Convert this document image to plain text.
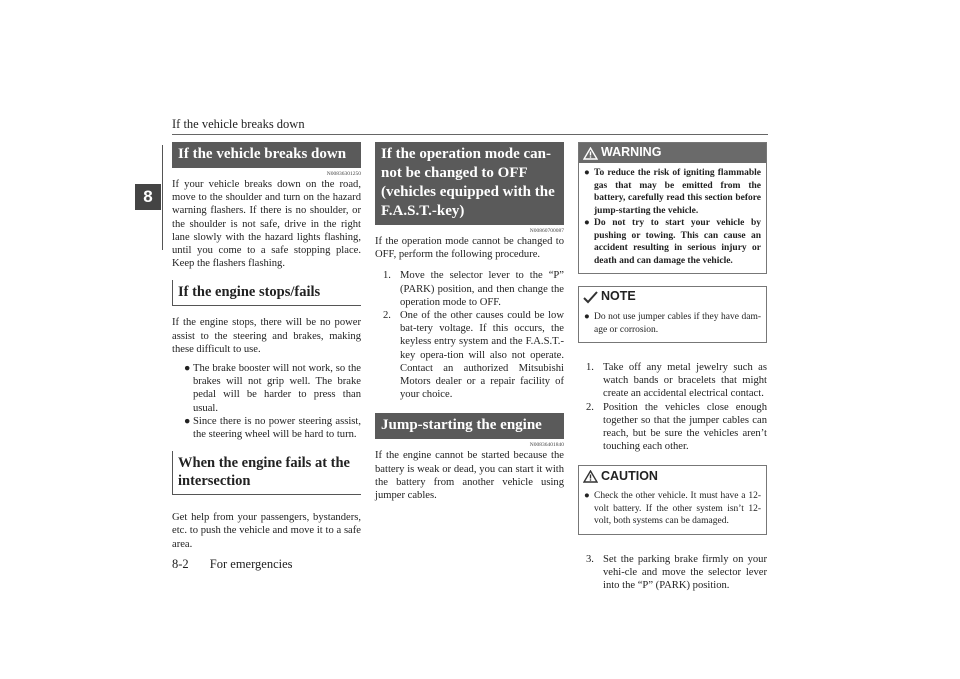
If the vehicle breaks down
8
If the vehicle breaks down
N00836301250

If your vehicle breaks down on the road, move to the shoulder and turn on the hazard warning flashers. If there is no shoulder, or the shoulder is not safe, drive in the right lane slowly with the hazard lights flashing, until you come to a safe stopping place. Keep the flashers flashing.

If the engine stops/fails

If the engine stops, there will be no power assist to the steering and brakes, making these difficult to use.

● The brake booster will not work, so the brakes will not grip well. The brake pedal will be harder to press than usual.
● Since there is no power steering assist, the steering wheel will be hard to turn.
When the engine fails at the intersection

Get help from your passengers, bystanders, etc. to push the vehicle and move it to a safe area.

If the operation mode can-not be changed to OFF (vehicles equipped with the F.A.S.T.-key)
N00860700087

If the operation mode cannot be changed to OFF, perform the following procedure.

1. Move the selector lever to the “P” (PARK) position, and then change the operation mode to OFF.
2. One of the other causes could be low bat-tery voltage. If this occurs, the keyless entry system and the F.A.S.T.-key opera-tion will also not operate. Contact an authorized Mitsubishi Motors dealer or a repair facility of your choice.
Jump-starting the engine
N00836401840

If the engine cannot be started because the battery is weak or dead, you can start it with the battery from another vehicle using jumper cables.

WARNING
● To reduce the risk of igniting flammable gas that may be emitted from the battery, carefully read this section before jump-starting the vehicle.
● Do not try to start your vehicle by pushing or towing. This can cause an accident resulting in serious injury or death and can damage the vehicle.
NOTE
● Do not use jumper cables if they have dam-age or corrosion.
1. Take off any metal jewelry such as watch bands or bracelets that might create an accidental electrical contact.
2. Position the vehicles close enough together so that the jumper cables can reach, but be sure the vehicles aren’t touching each other.
CAUTION
● Check the other vehicle. It must have a 12-volt battery. If the other system isn’t 12-volt, both systems can be damaged.
3. Set the parking brake firmly on your vehi-cle and move the selector lever into the “P” (PARK) position.
8-2 For emergencies
